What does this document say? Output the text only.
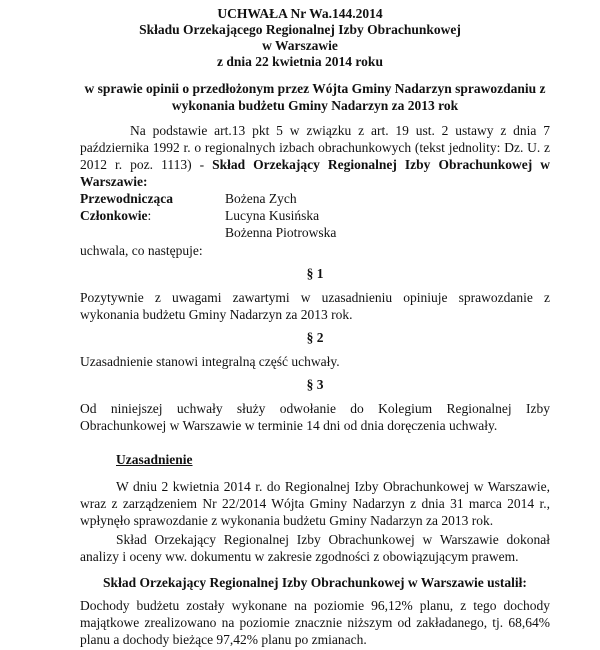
UCHWAŁA Nr Wa.144.2014
Składu Orzekającego Regionalnej Izby Obrachunkowej
w Warszawie
z dnia 22 kwietnia 2014 roku
w sprawie opinii o przedłożonym przez Wójta Gminy Nadarzyn sprawozdaniu z
wykonania budżetu Gminy Nadarzyn za 2013 rok
Na podstawie art.13 pkt 5 w związku z art. 19 ust. 2 ustawy z dnia 7 października 1992 r. o regionalnych izbach obrachunkowych (tekst jednolity: Dz. U. z 2012 r. poz. 1113) - Skład Orzekający Regionalnej Izby Obrachunkowej w Warszawie:
Przewodnicząca	Bożena Zych
Członkowie:	Lucyna Kusińska
Bożenna Piotrowska
uchwala, co następuje:
§ 1
Pozytywnie z uwagami zawartymi w uzasadnieniu opiniuje sprawozdanie z wykonania budżetu Gminy Nadarzyn za 2013 rok.
§ 2
Uzasadnienie stanowi integralną część uchwały.
§ 3
Od niniejszej uchwały służy odwołanie do Kolegium Regionalnej Izby Obrachunkowej w Warszawie w terminie 14 dni od dnia doręczenia uchwały.
Uzasadnienie
W dniu 2 kwietnia 2014 r. do Regionalnej Izby Obrachunkowej w Warszawie, wraz z zarządzeniem Nr 22/2014 Wójta Gminy Nadarzyn z dnia 31 marca 2014 r., wpłynęło sprawozdanie z wykonania budżetu Gminy Nadarzyn za 2013 rok.
Skład Orzekający Regionalnej Izby Obrachunkowej w Warszawie dokonał analizy i oceny ww. dokumentu w zakresie zgodności z obowiązującym prawem.
Skład Orzekający Regionalnej Izby Obrachunkowej w Warszawie ustalił:
Dochody budżetu zostały wykonane na poziomie 96,12% planu, z tego dochody majątkowe zrealizowano na poziomie znacznie niższym od zakładanego, tj. 68,64% planu a dochody bieżące 97,42% planu po zmianach.
